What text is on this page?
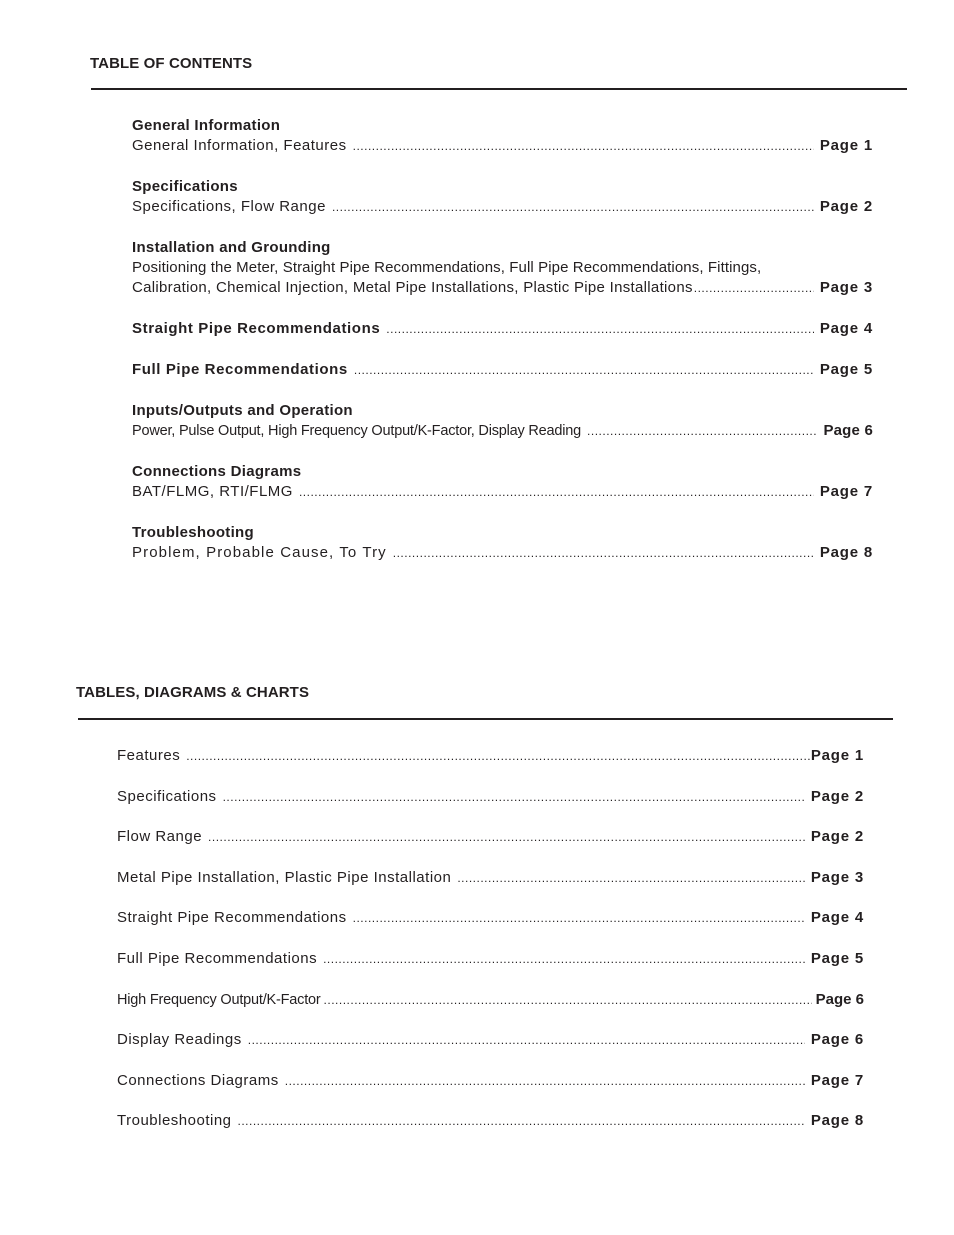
TABLE OF CONTENTS
General Information
General Information, Features .....	Page 1
Specifications
Specifications, Flow Range .....	Page 2
Installation and Grounding
Positioning the Meter, Straight Pipe Recommendations, Full Pipe Recommendations, Fittings,
Calibration, Chemical Injection, Metal Pipe Installations, Plastic Pipe Installations .....	Page 3
Straight Pipe Recommendations .....	Page 4
Full Pipe Recommendations .....	Page 5
Inputs/Outputs and Operation
Power, Pulse Output, High Frequency Output/K-Factor, Display Reading .....	Page 6
Connections Diagrams
BAT/FLMG, RTI/FLMG .....	Page 7
Troubleshooting
Problem, Probable Cause, To Try .....	Page 8
TABLES, DIAGRAMS & CHARTS
Features .....	Page 1
Specifications .....	Page 2
Flow Range .....	Page 2
Metal Pipe Installation, Plastic Pipe Installation .....	Page 3
Straight Pipe Recommendations .....	Page 4
Full Pipe Recommendations .....	Page 5
High Frequency Output/K-Factor .....	Page 6
Display Readings .....	Page 6
Connections Diagrams .....	Page 7
Troubleshooting .....	Page 8
